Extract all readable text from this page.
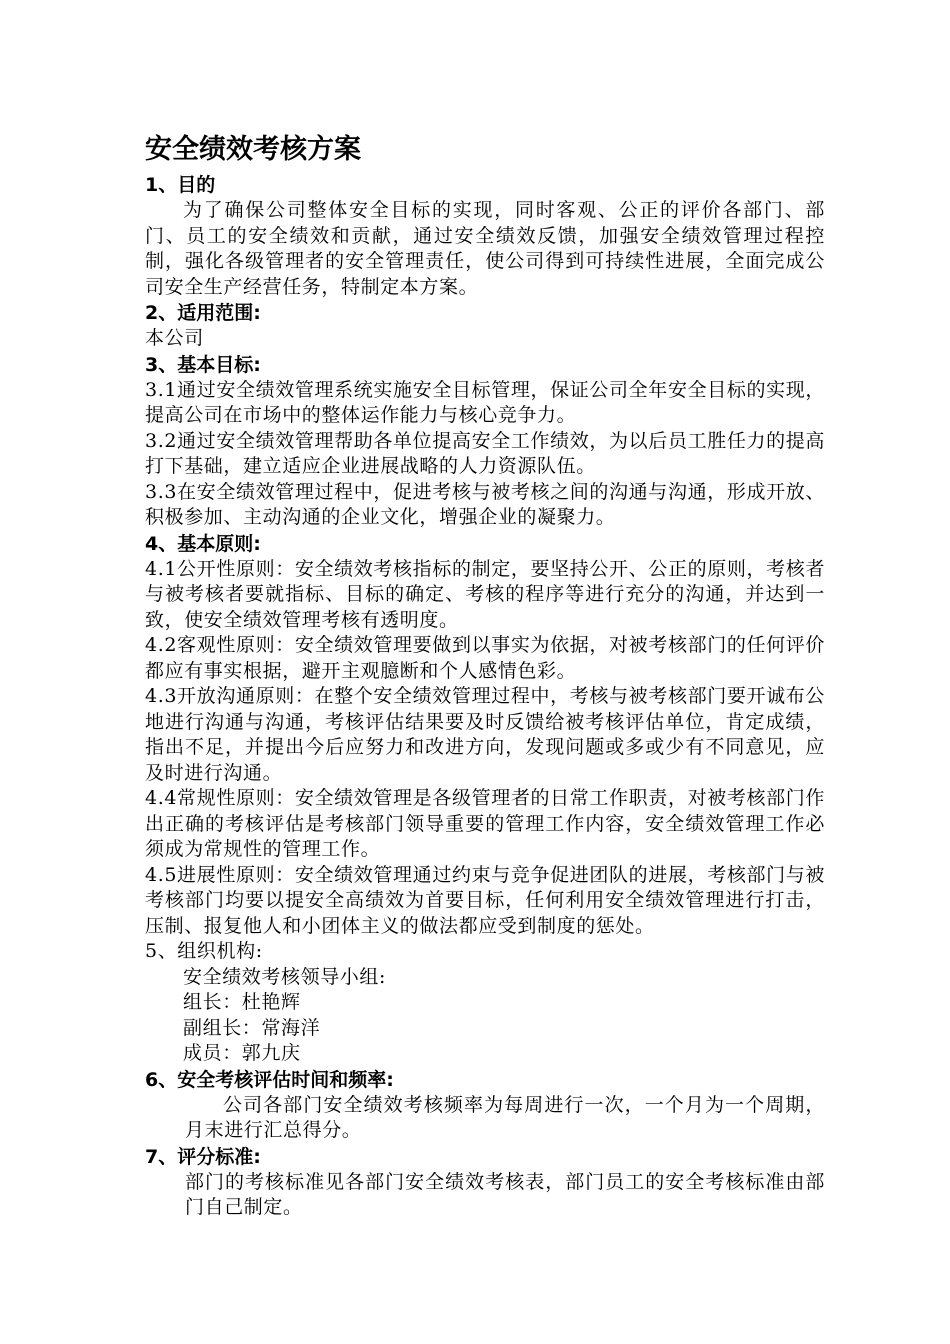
安全绩效考核方案
1、目的

为了确保公司整体安全目标的实现，同时客观、公正的评价各部门、部门、员工的安全绩效和贡献，通过安全绩效反馈，加强安全绩效管理过程控制，强化各级管理者的安全管理责任，使公司得到可持续性进展，全面完成公司安全生产经营任务，特制定本方案。

2、适用范围:

本公司

3、基本目标:

3.1通过安全绩效管理系统实施安全目标管理，保证公司全年安全目标的实现，提高公司在市场中的整体运作能力与核心竞争力。

3.2通过安全绩效管理帮助各单位提高安全工作绩效，为以后员工胜任力的提高打下基础，建立适应企业进展战略的人力资源队伍。

3.3在安全绩效管理过程中，促进考核与被考核之间的沟通与沟通，形成开放、积极参加、主动沟通的企业文化，增强企业的凝聚力。

4、基本原则:

4.1公开性原则：安全绩效考核指标的制定，要坚持公开、公正的原则，考核者与被考核者要就指标、目标的确定、考核的程序等进行充分的沟通，并达到一致，使安全绩效管理考核有透明度。

4.2客观性原则：安全绩效管理要做到以事实为依据，对被考核部门的任何评价都应有事实根据，避开主观臆断和个人感情色彩。

4.3开放沟通原则：在整个安全绩效管理过程中，考核与被考核部门要开诚布公地进行沟通与沟通，考核评估结果要及时反馈给被考核评估单位，肯定成绩，指出不足，并提出今后应努力和改进方向，发现问题或多或少有不同意见，应及时进行沟通。

4.4常规性原则：安全绩效管理是各级管理者的日常工作职责，对被考核部门作出正确的考核评估是考核部门领导重要的管理工作内容，安全绩效管理工作必须成为常规性的管理工作。

4.5进展性原则：安全绩效管理通过约束与竞争促进团队的进展，考核部门与被考核部门均要以提安全高绩效为首要目标，任何利用安全绩效管理进行打击，压制、报复他人和小团体主义的做法都应受到制度的惩处。

5、组织机构:

安全绩效考核领导小组:

组长：杜艳辉

副组长：常海洋

成员：郭九庆

6、安全考核评估时间和频率:

公司各部门安全绩效考核频率为每周进行一次，一个月为一个周期，月末进行汇总得分。

7、评分标准:

部门的考核标准见各部门安全绩效考核表，部门员工的安全考核标准由部门自己制定。
